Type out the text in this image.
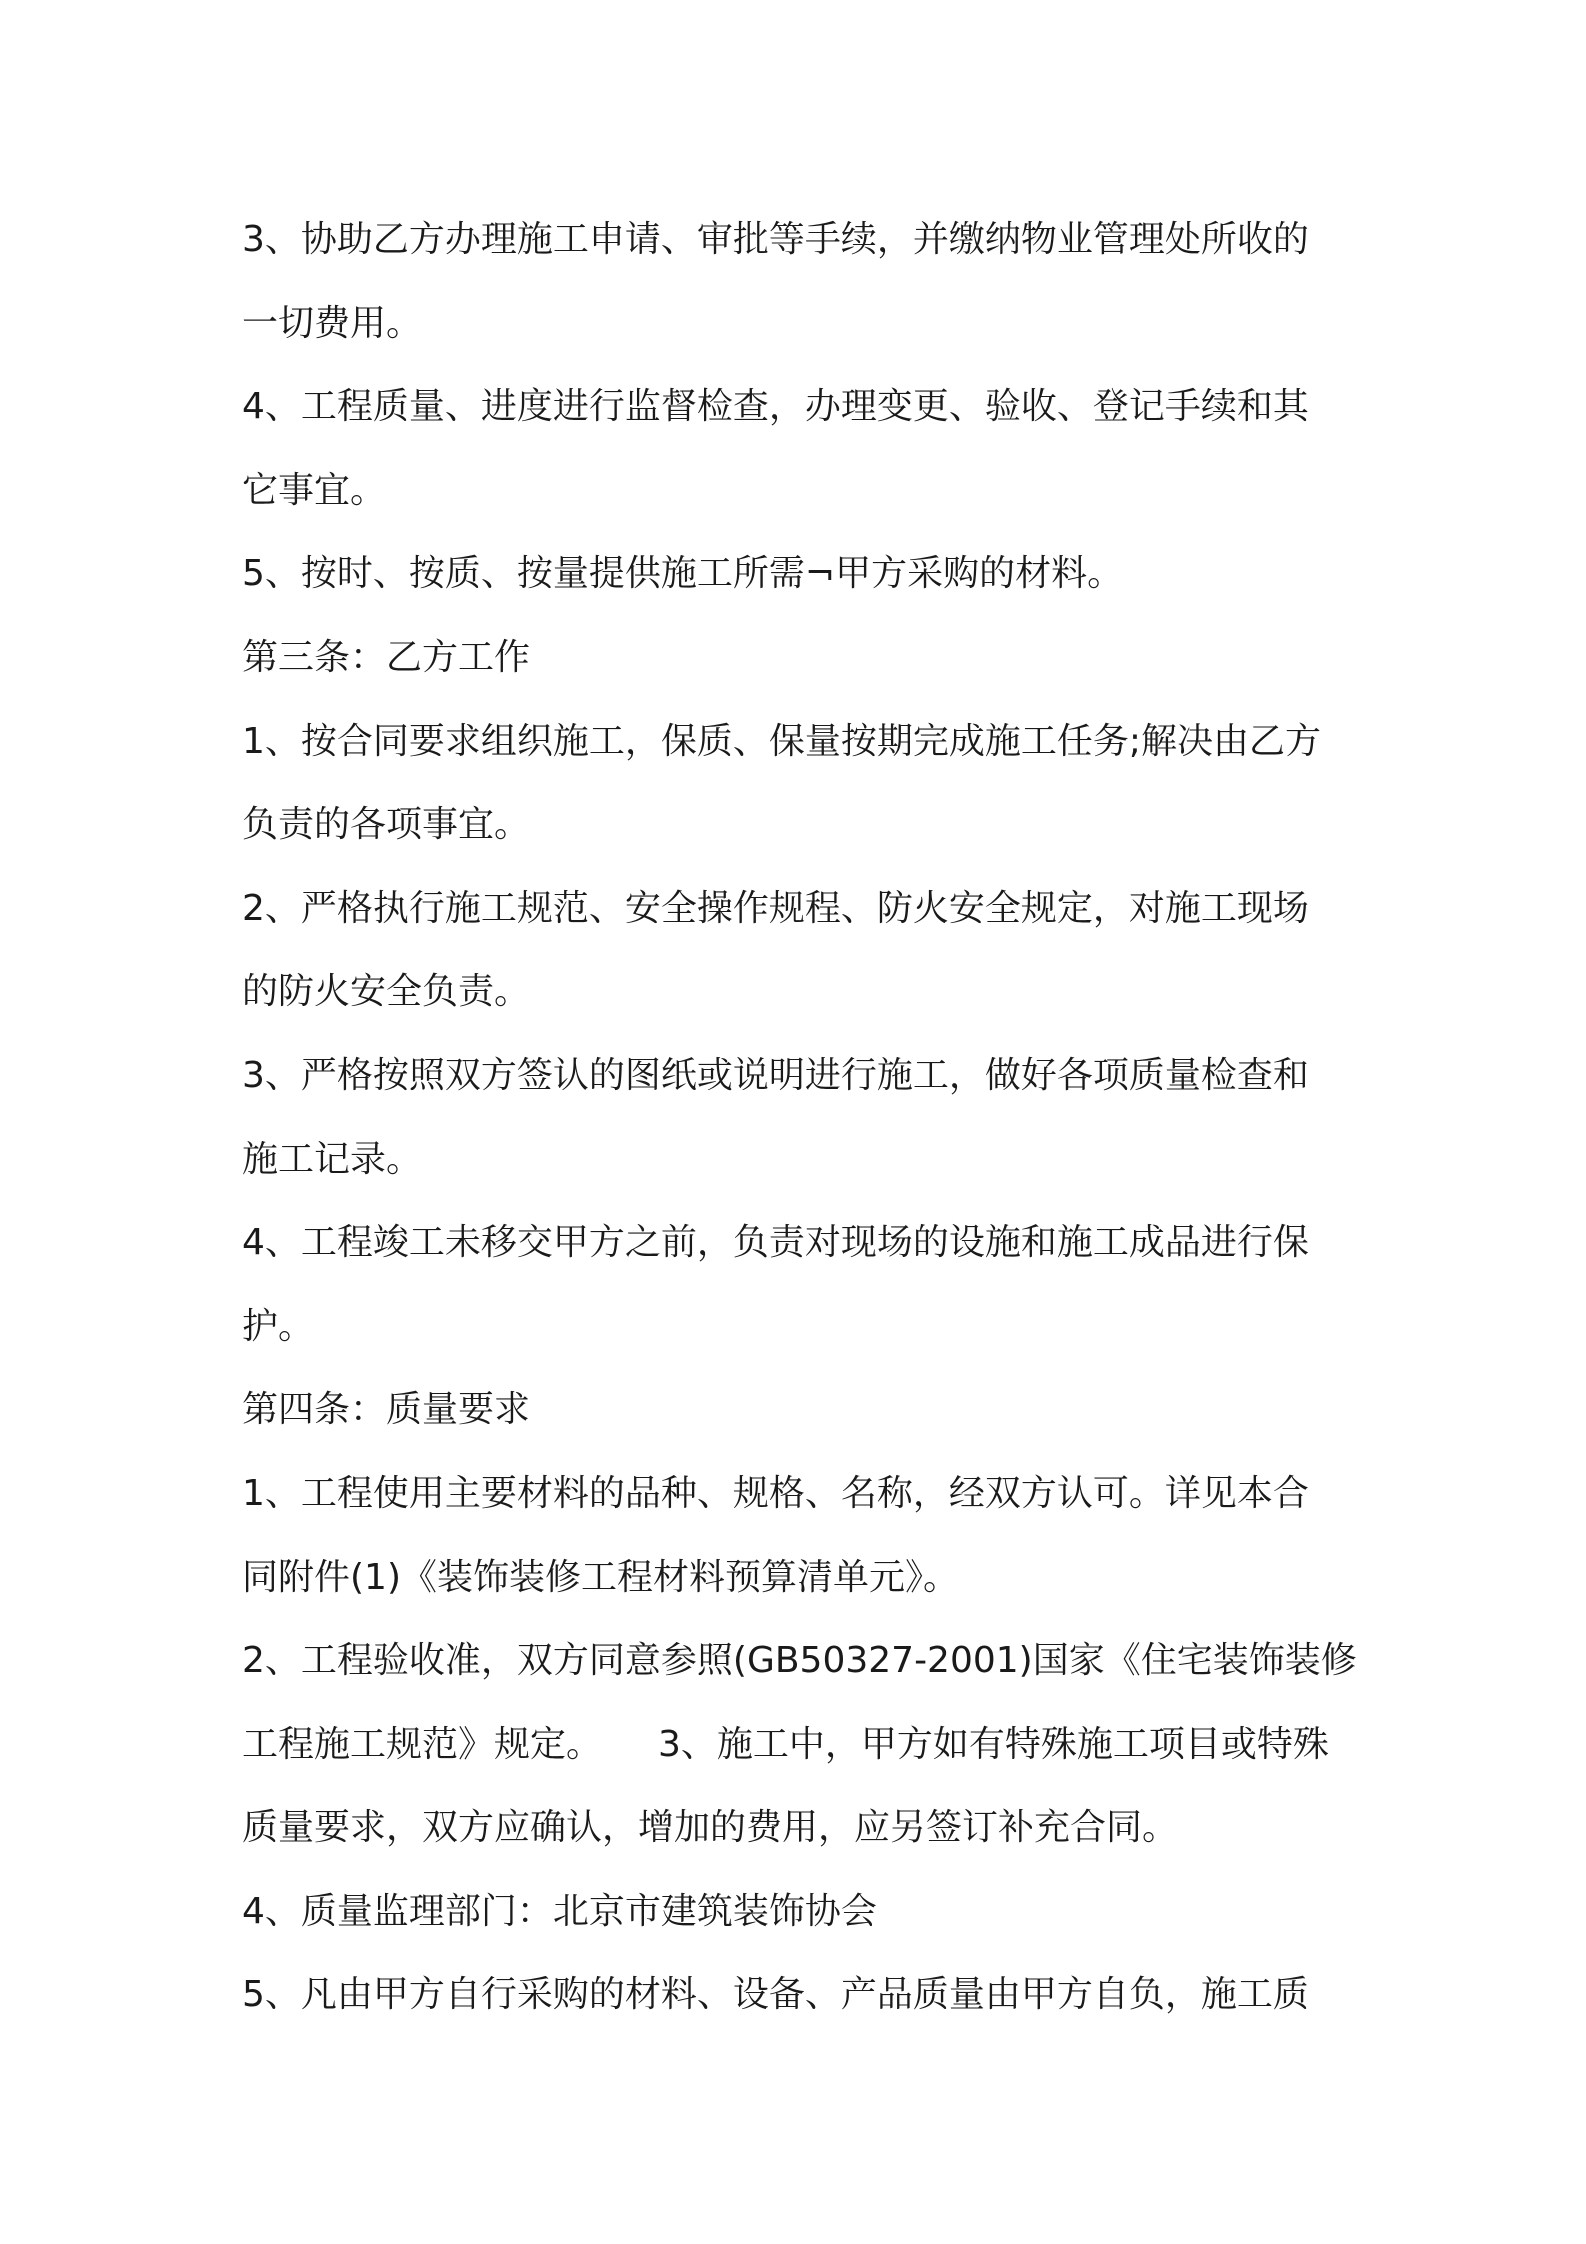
3、协助乙方办理施工申请、审批等手续，并缴纳物业管理处所收的
一切费用。
4、工程质量、进度进行监督检查，办理变更、验收、登记手续和其
它事宜。
5、按时、按质、按量提供施工所需¬甲方采购的材料。
第三条：乙方工作
1、按合同要求组织施工，保质、保量按期完成施工任务;解决由乙方
负责的各项事宜。
2、严格执行施工规范、安全操作规程、防火安全规定，对施工现场
的防火安全负责。
3、严格按照双方签认的图纸或说明进行施工，做好各项质量检查和
施工记录。
4、工程竣工未移交甲方之前，负责对现场的设施和施工成品进行保
护。
第四条：质量要求
1、工程使用主要材料的品种、规格、名称，经双方认可。详见本合
同附件(1)《装饰装修工程材料预算清单元》。
2、工程验收准，双方同意参照(GB50327-2001)国家《住宅装饰装修
工程施工规范》规定。 3、施工中，甲方如有特殊施工项目或特殊
质量要求，双方应确认，增加的费用，应另签订补充合同。
4、质量监理部门：北京市建筑装饰协会
5、凡由甲方自行采购的材料、设备、产品质量由甲方自负，施工质
